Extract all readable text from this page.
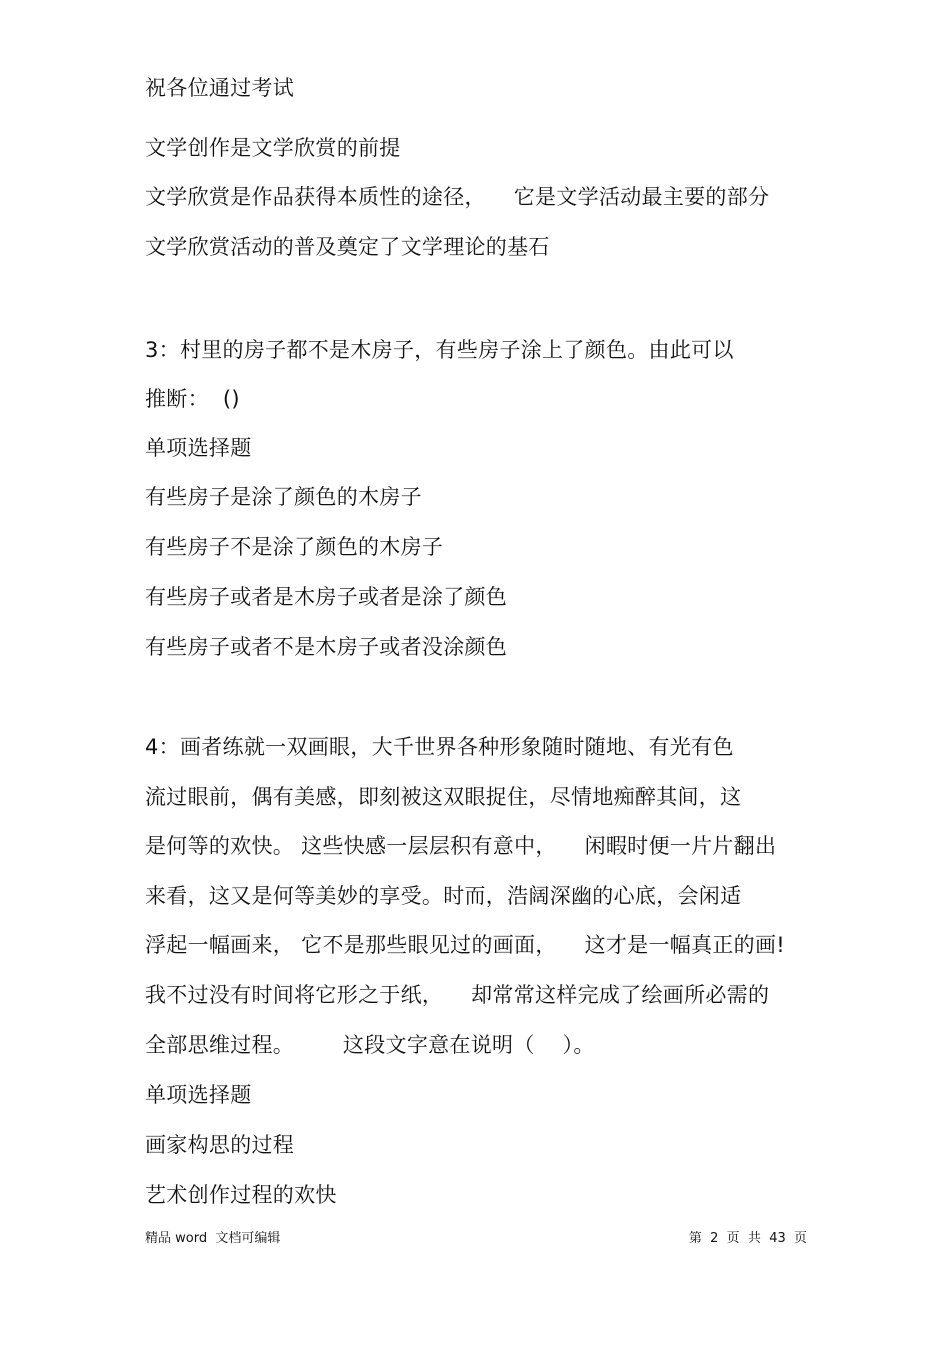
祝各位通过考试
文学创作是文学欣赏的前提
文学欣赏是作品获得本质性的途径，    它是文学活动最主要的部分
文学欣赏活动的普及奠定了文学理论的基石
3：村里的房子都不是木房子，有些房子涂上了颜色。由此可以
推断：  ()
单项选择题
有些房子是涂了颜色的木房子
有些房子不是涂了颜色的木房子
有些房子或者是木房子或者是涂了颜色
有些房子或者不是木房子或者没涂颜色
4：画者练就一双画眼，大千世界各种形象随时随地、有光有色
流过眼前，偶有美感，即刻被这双眼捉住，尽情地痴醉其间，这
是何等的欢快。 这些快感一层层积有意中，    闲暇时便一片片翻出
来看，这又是何等美妙的享受。时而，浩阔深幽的心底，会闲适
浮起一幅画来， 它不是那些眼见过的画面，    这才是一幅真正的画!
我不过没有时间将它形之于纸，    却常常这样完成了绘画所必需的
全部思维过程。       这段文字意在说明（    ）。
单项选择题
画家构思的过程
艺术创作过程的欢快
精品 word  文档可编辑	第  2  页  共  43  页
